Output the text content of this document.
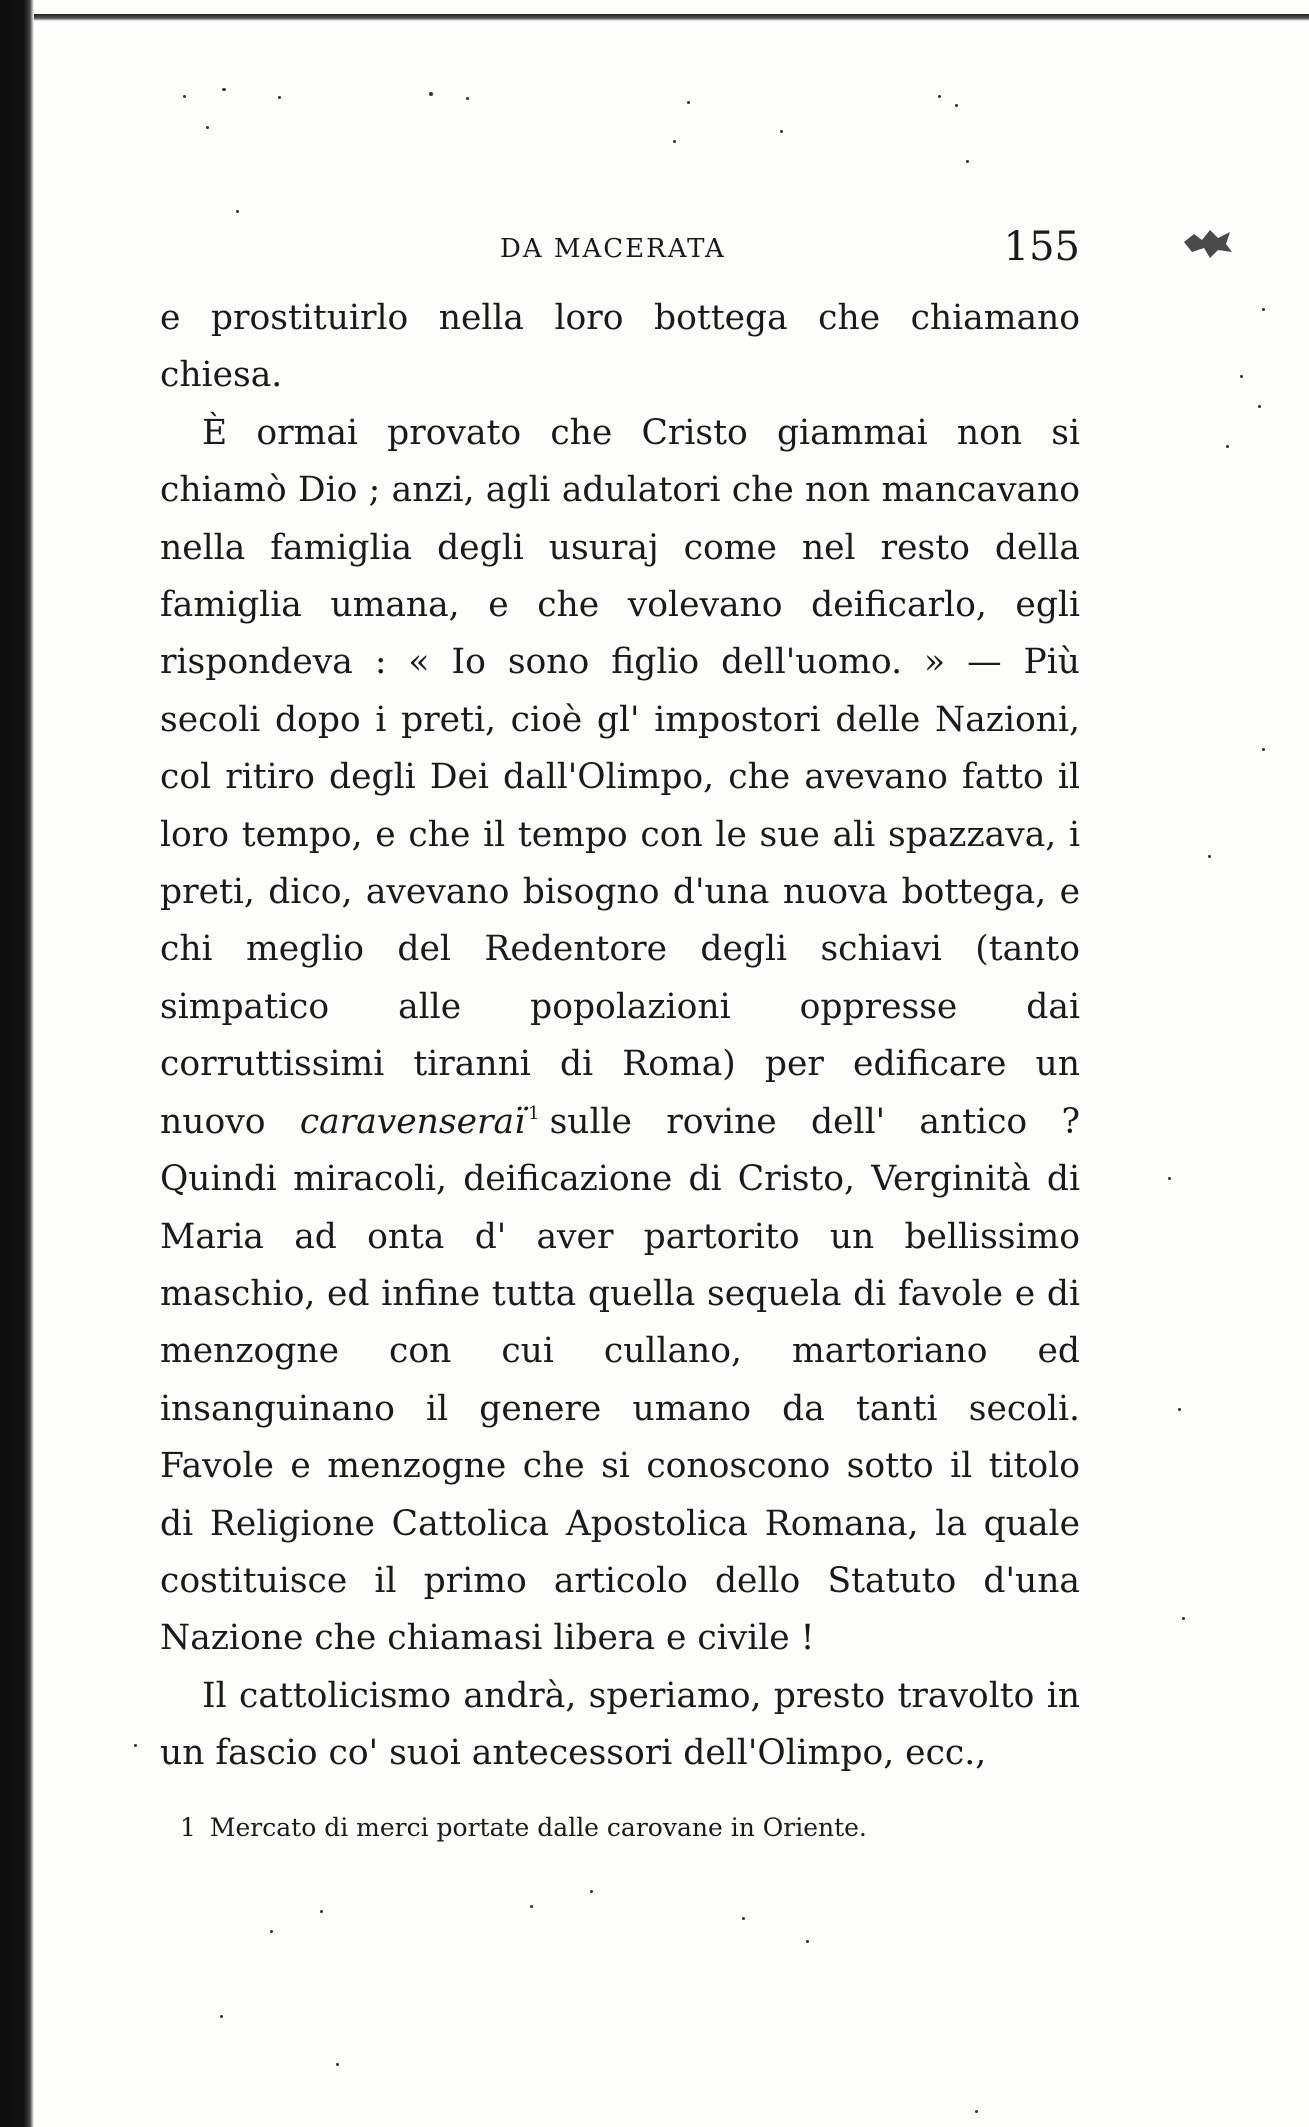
DA MACERATA	155

e prostituirlo nella loro bottega che chiamano chiesa.

È ormai provato che Cristo giammai non si chiamò Dio ; anzi, agli adulatori che non mancavano nella famiglia degli usuraj come nel resto della famiglia umana, e che volevano deificarlo, egli rispondeva : « Io sono figlio dell'uomo. » — Più secoli dopo i preti, cioè gl' impostori delle Nazioni, col ritiro degli Dei dall'Olimpo, che avevano fatto il loro tempo, e che il tempo con le sue ali spazzava, i preti, dico, avevano bisogno d'una nuova bottega, e chi meglio del Redentore degli schiavi (tanto simpatico alle popolazioni oppresse dai corruttissimi tiranni di Roma) per edificare un nuovo caravenseraï $^1$ sulle rovine dell' antico ? Quindi miracoli, deificazione di Cristo, Verginità di Maria ad onta d' aver partorito un bellissimo maschio, ed infine tutta quella sequela di favole e di menzogne con cui cullano, martoriano ed insanguinano il genere umano da tanti secoli. Favole e menzogne che si conoscono sotto il titolo di Religione Cattolica Apostolica Romana, la quale costituisce il primo articolo dello Statuto d'una Nazione che chiamasi libera e civile !

Il cattolicismo andrà, speriamo, presto travolto in un fascio co' suoi antecessori dell'Olimpo, ecc.,

1 Mercato di merci portate dalle carovane in Oriente.
